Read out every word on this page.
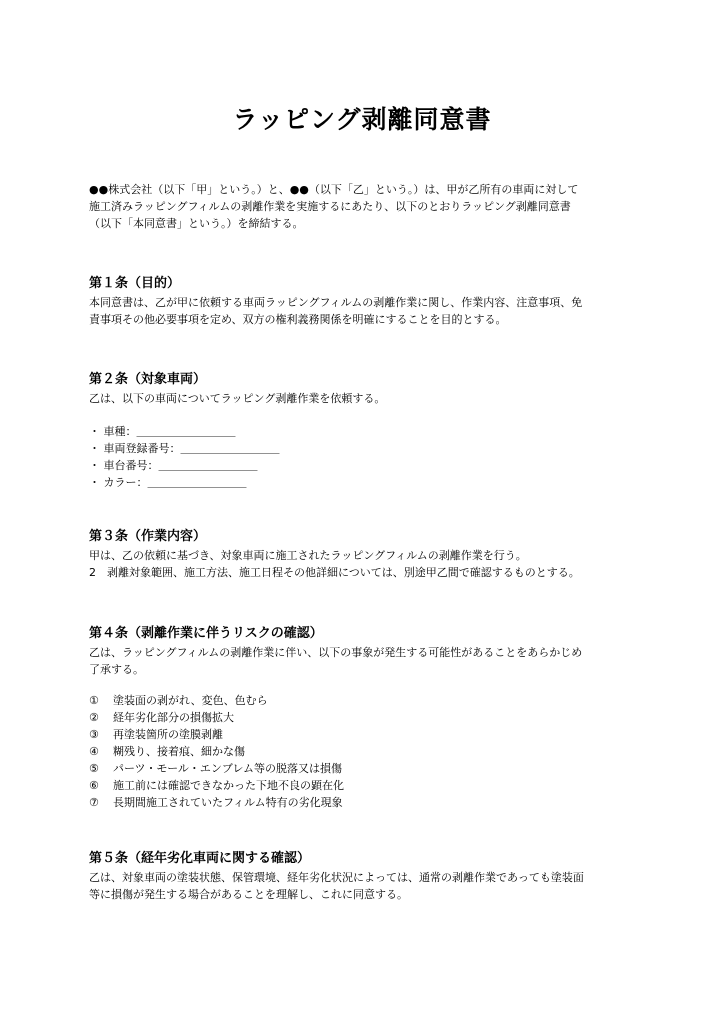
ラッピング剥離同意書
●●株式会社（以下「甲」という。）と、●●（以下「乙」という。）は、甲が乙所有の車両に対して
施工済みラッピングフィルムの剥離作業を実施するにあたり、以下のとおりラッピング剥離同意書
（以下「本同意書」という。）を締結する。
第１条（目的）
本同意書は、乙が甲に依頼する車両ラッピングフィルムの剥離作業に関し、作業内容、注意事項、免
責事項その他必要事項を定め、双方の権利義務関係を明確にすることを目的とする。
第２条（対象車両）
乙は、以下の車両についてラッピング剥離作業を依頼する。
・ 車種：＿＿＿＿＿＿＿＿＿
・ 車両登録番号：＿＿＿＿＿＿＿＿＿
・ 車台番号：＿＿＿＿＿＿＿＿＿
・ カラー：＿＿＿＿＿＿＿＿＿
第３条（作業内容）
甲は、乙の依頼に基づき、対象車両に施工されたラッピングフィルムの剥離作業を行う。
2　剥離対象範囲、施工方法、施工日程その他詳細については、別途甲乙間で確認するものとする。
第４条（剥離作業に伴うリスクの確認）
乙は、ラッピングフィルムの剥離作業に伴い、以下の事象が発生する可能性があることをあらかじめ
了承する。
① 塗装面の剥がれ、変色、色むら
② 経年劣化部分の損傷拡大
③ 再塗装箇所の塗膜剥離
④ 糊残り、接着痕、細かな傷
⑤ パーツ・モール・エンブレム等の脱落又は損傷
⑥ 施工前には確認できなかった下地不良の顕在化
⑦ 長期間施工されていたフィルム特有の劣化現象
第５条（経年劣化車両に関する確認）
乙は、対象車両の塗装状態、保管環境、経年劣化状況によっては、通常の剥離作業であっても塗装面
等に損傷が発生する場合があることを理解し、これに同意する。
